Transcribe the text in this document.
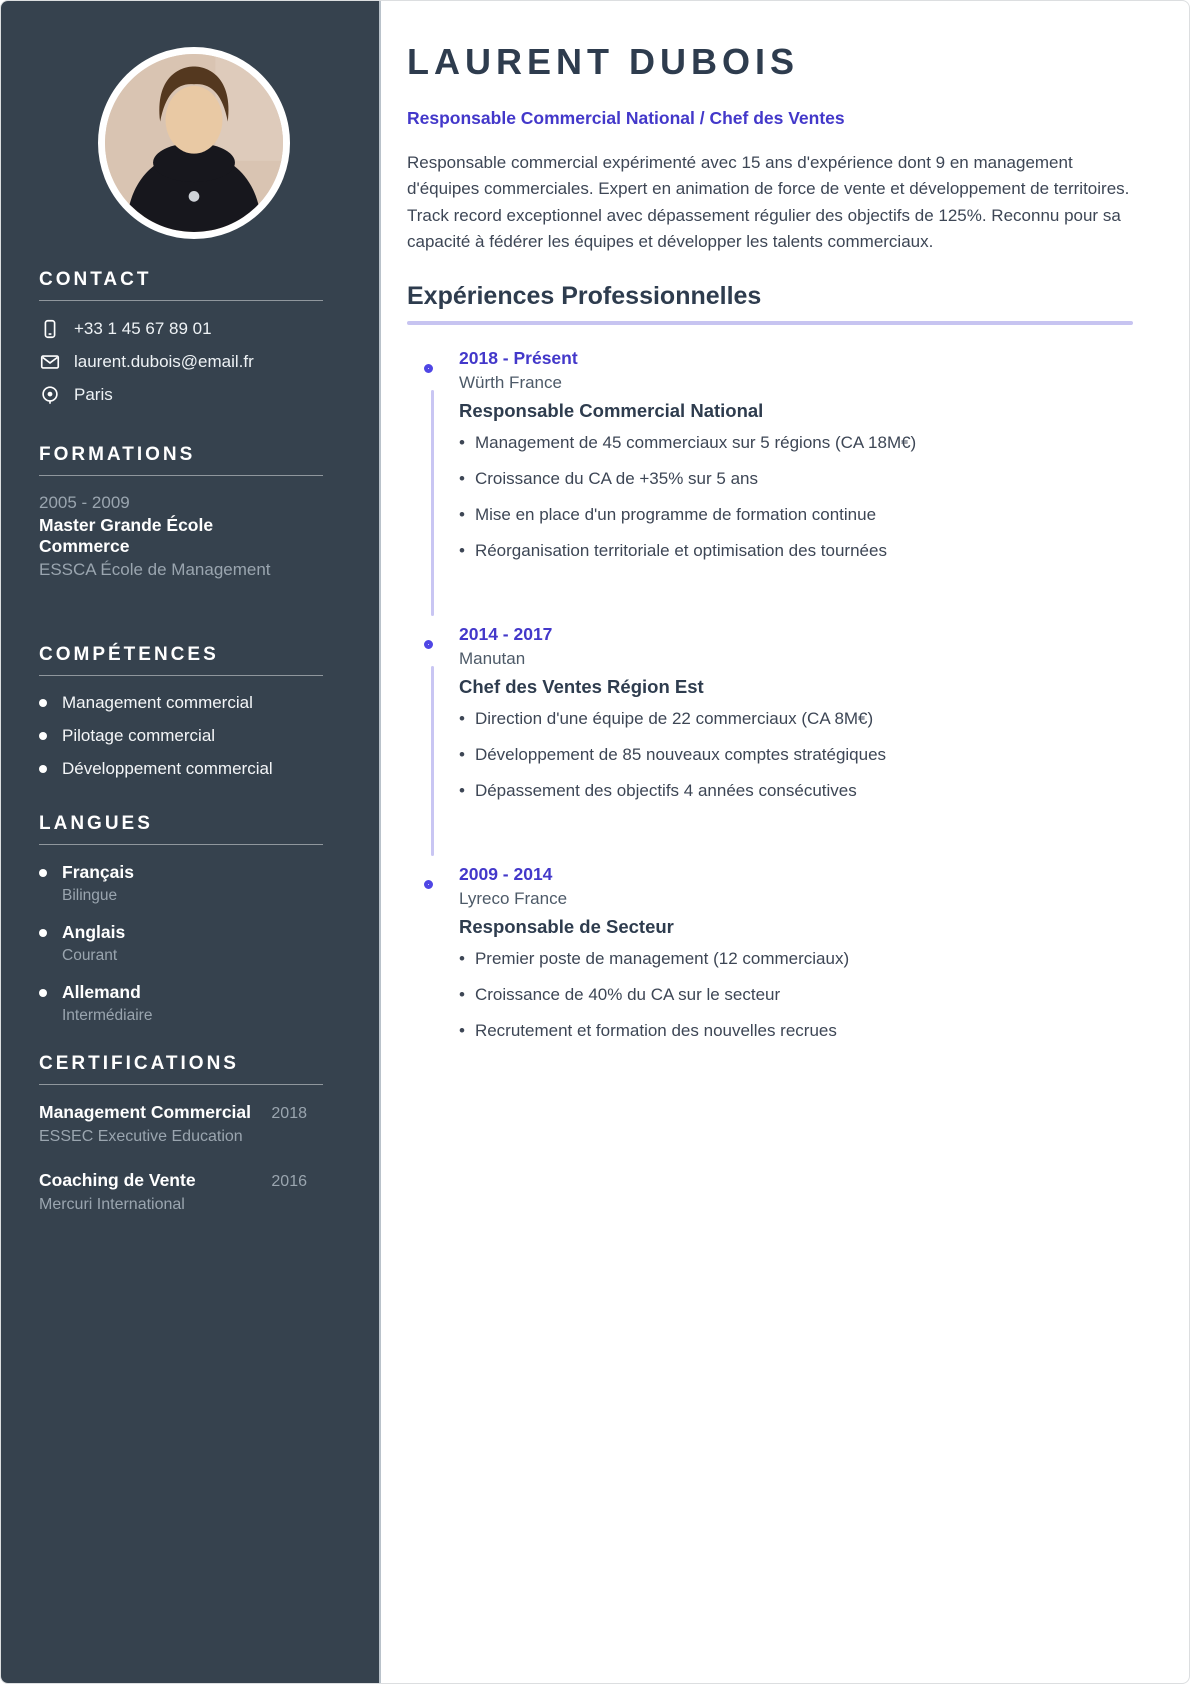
CONTACT
+33 1 45 67 89 01
laurent.dubois@email.fr
Paris
FORMATIONS

2005 - 2009

Master Grande École Commerce

ESSCA École de Management

COMPÉTENCES
Management commercial
Pilotage commercial
Développement commercial
LANGUES
Français
Bilingue
Anglais
Courant
Allemand
Intermédiaire
CERTIFICATIONS
Management Commercial	2018
ESSEC Executive Education
Coaching de Vente	2016
Mercuri International
LAURENT DUBOIS

Responsable Commercial National / Chef des Ventes

Responsable commercial expérimenté avec 15 ans d'expérience dont 9 en management d'équipes commerciales. Expert en animation de force de vente et développement de territoires. Track record exceptionnel avec dépassement régulier des objectifs de 125%. Reconnu pour sa capacité à fédérer les équipes et développer les talents commerciaux.

Expériences Professionnelles

2018 - Présent

Würth France

Responsable Commercial National

• Management de 45 commerciaux sur 5 régions (CA 18M€)
• Croissance du CA de +35% sur 5 ans
• Mise en place d'un programme de formation continue
• Réorganisation territoriale et optimisation des tournées

2014 - 2017

Manutan

Chef des Ventes Région Est

• Direction d'une équipe de 22 commerciaux (CA 8M€)
• Développement de 85 nouveaux comptes stratégiques
• Dépassement des objectifs 4 années consécutives

2009 - 2014

Lyreco France

Responsable de Secteur

• Premier poste de management (12 commerciaux)
• Croissance de 40% du CA sur le secteur
• Recrutement et formation des nouvelles recrues
